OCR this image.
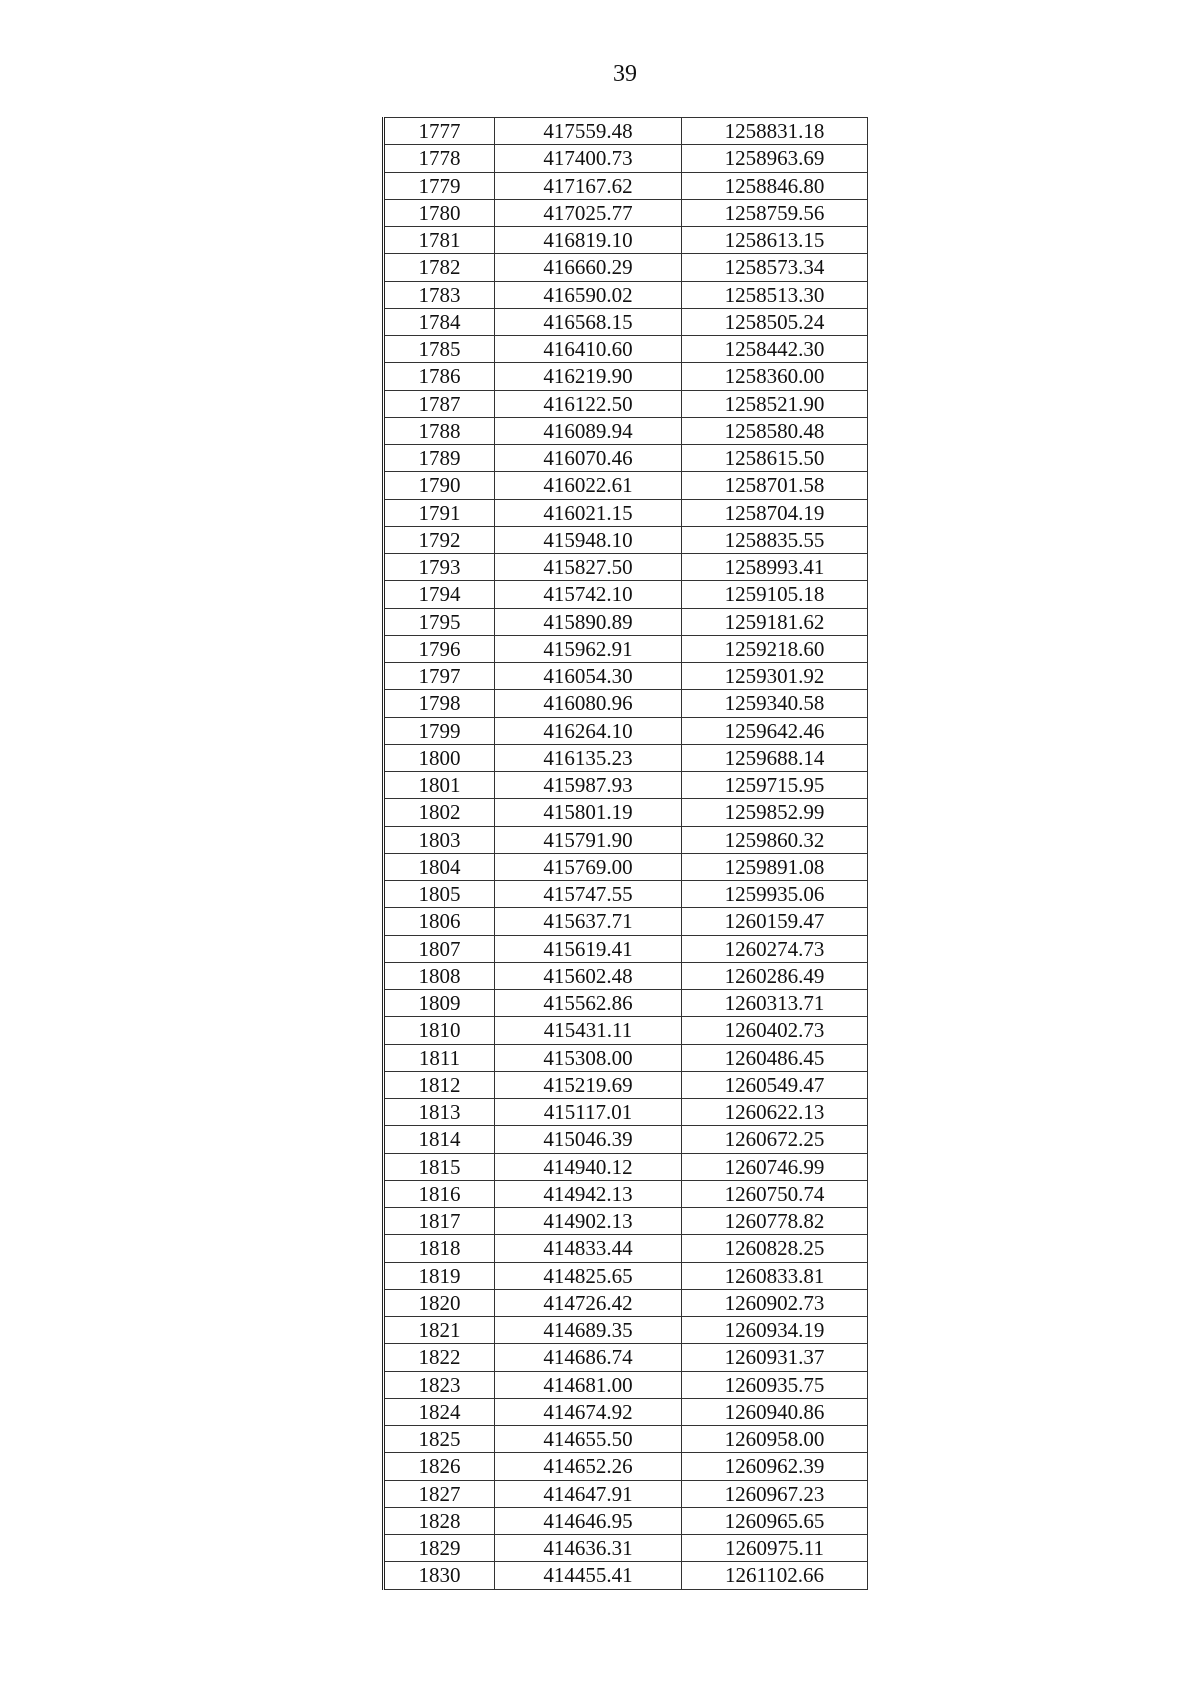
39
1777	417559.48	1258831.18
1778	417400.73	1258963.69
1779	417167.62	1258846.80
1780	417025.77	1258759.56
1781	416819.10	1258613.15
1782	416660.29	1258573.34
1783	416590.02	1258513.30
1784	416568.15	1258505.24
1785	416410.60	1258442.30
1786	416219.90	1258360.00
1787	416122.50	1258521.90
1788	416089.94	1258580.48
1789	416070.46	1258615.50
1790	416022.61	1258701.58
1791	416021.15	1258704.19
1792	415948.10	1258835.55
1793	415827.50	1258993.41
1794	415742.10	1259105.18
1795	415890.89	1259181.62
1796	415962.91	1259218.60
1797	416054.30	1259301.92
1798	416080.96	1259340.58
1799	416264.10	1259642.46
1800	416135.23	1259688.14
1801	415987.93	1259715.95
1802	415801.19	1259852.99
1803	415791.90	1259860.32
1804	415769.00	1259891.08
1805	415747.55	1259935.06
1806	415637.71	1260159.47
1807	415619.41	1260274.73
1808	415602.48	1260286.49
1809	415562.86	1260313.71
1810	415431.11	1260402.73
1811	415308.00	1260486.45
1812	415219.69	1260549.47
1813	415117.01	1260622.13
1814	415046.39	1260672.25
1815	414940.12	1260746.99
1816	414942.13	1260750.74
1817	414902.13	1260778.82
1818	414833.44	1260828.25
1819	414825.65	1260833.81
1820	414726.42	1260902.73
1821	414689.35	1260934.19
1822	414686.74	1260931.37
1823	414681.00	1260935.75
1824	414674.92	1260940.86
1825	414655.50	1260958.00
1826	414652.26	1260962.39
1827	414647.91	1260967.23
1828	414646.95	1260965.65
1829	414636.31	1260975.11
1830	414455.41	1261102.66
